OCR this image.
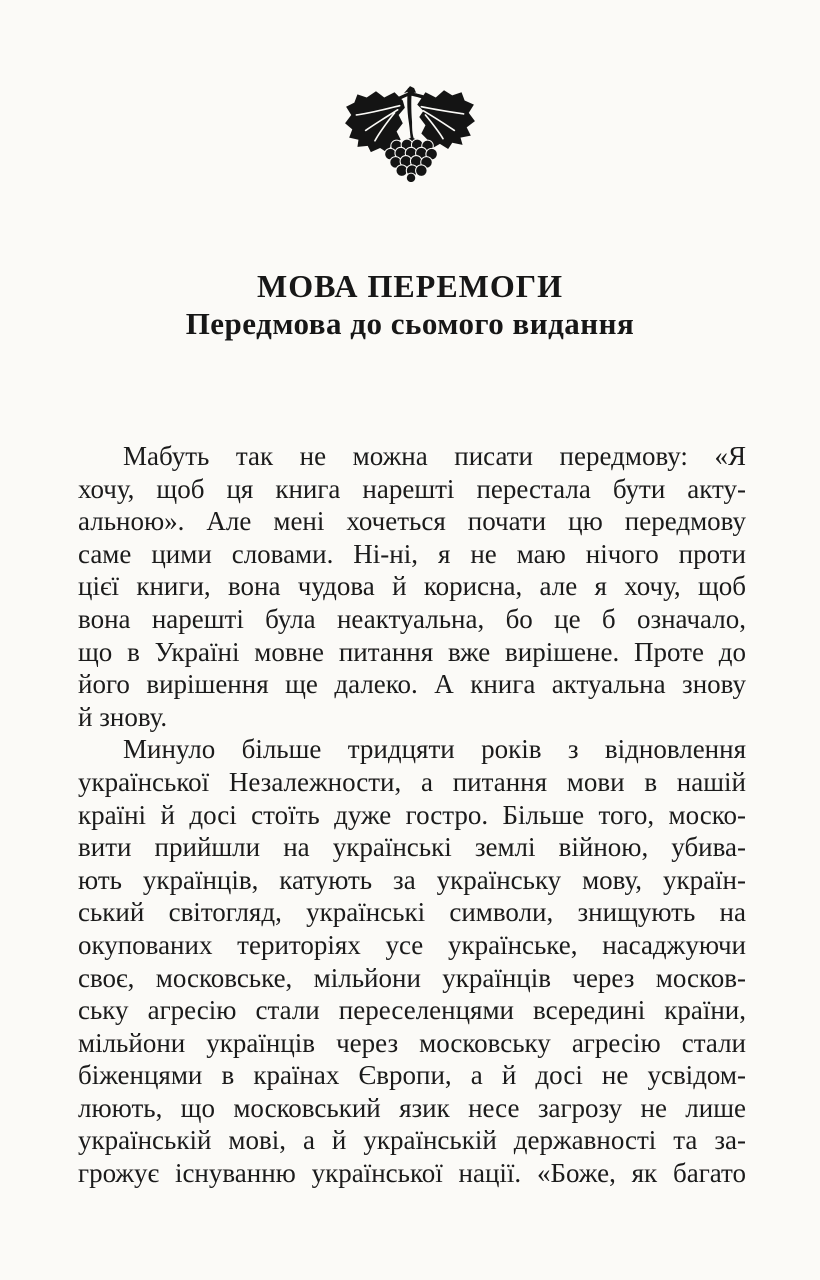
МОВА ПЕРЕМОГИ
Передмова до сьомого видання
Мабуть так не можна писати передмову: «Я
хочу, щоб ця книга нарешті перестала бути акту-
альною». Але мені хочеться почати цю передмову
саме цими словами. Ні-ні, я не маю нічого проти
цієї книги, вона чудова й корисна, але я хочу, щоб
вона нарешті була неактуальна, бо це б означало,
що в Україні мовне питання вже вирішене. Проте до
його вирішення ще далеко. А книга актуальна знову
й знову.
Минуло більше тридцяти років з відновлення
української Незалежности, а питання мови в нашій
країні й досі стоїть дуже гостро. Більше того, моско-
вити прийшли на українські землі війною, убива-
ють українців, катують за українську мову, україн-
ський світогляд, українські символи, знищують на
окупованих територіях усе українське, насаджуючи
своє, московське, мільйони українців через москов-
ську агресію стали переселенцями всередині країни,
мільйони українців через московську агресію стали
біженцями в країнах Європи, а й досі не усвідом-
люють, що московський язик несе загрозу не лише
українській мові, а й українській державності та за-
грожує існуванню української нації. «Боже, як багато
